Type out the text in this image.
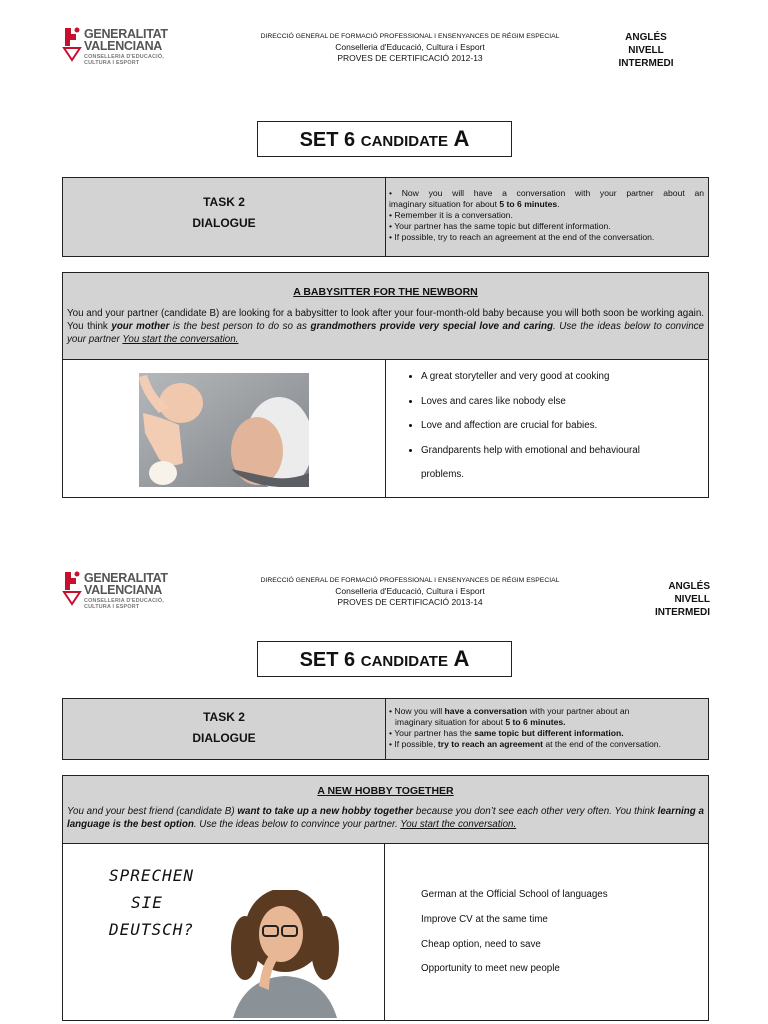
GENERALITAT VALENCIANA
CONSELLERIA D'EDUCACIÓ, CULTURA I ESPORT
DIRECCIÓ GENERAL DE FORMACIÓ PROFESSIONAL I ENSENYANCES DE RÉGIM ESPECIAL
Conselleria d'Educació, Cultura i Esport
PROVES DE CERTIFICACIÓ 2012-13
ANGLÉS
NIVELL INTERMEDI
SET 6 CANDIDATE A
TASK 2
DIALOGUE
• Now you will have a conversation with your partner about an
imaginary situation for about 5 to 6 minutes.
• Remember it is a conversation.
• Your partner has the same topic but different information.
• If possible, try to reach an agreement at the end of the conversation.
A BABYSITTER FOR THE NEWBORN
You and your partner (candidate B) are looking for a babysitter to look after your four-month-old baby because you will both soon be working again. You think your mother is the best person to do so as grandmothers provide very special love and caring. Use the ideas below to convince your partner You start the conversation.
• A great storyteller and very good at cooking
• Loves and cares like nobody else
• Love and affection are crucial for babies.
• Grandparents help with emotional and behavioural
problems.
GENERALITAT VALENCIANA
CONSELLERIA D'EDUCACIÓ, CULTURA I ESPORT
DIRECCIÓ GENERAL DE FORMACIÓ PROFESSIONAL I ENSENYANCES DE RÉGIM ESPECIAL
Conselleria d'Educació, Cultura i Esport
PROVES DE CERTIFICACIÓ 2013-14
ANGLÉS
NIVELL INTERMEDI
SET 6 CANDIDATE A
TASK 2
DIALOGUE
• Now you will have a conversation with your partner about an
imaginary situation for about 5 to 6 minutes.
• Your partner has the same topic but different information.
• If possible, try to reach an agreement at the end of the conversation.
A NEW HOBBY TOGETHER
You and your best friend (candidate B) want to take up a new hobby together because you don’t see each other very often. You think learning a language is the best option. Use the ideas below to convince your partner. You start the conversation.
SPRECHEN
SIE
DEUTSCH?
German at the Official School of languages
Improve CV at the same time
Cheap option, need to save
Opportunity to meet new people
